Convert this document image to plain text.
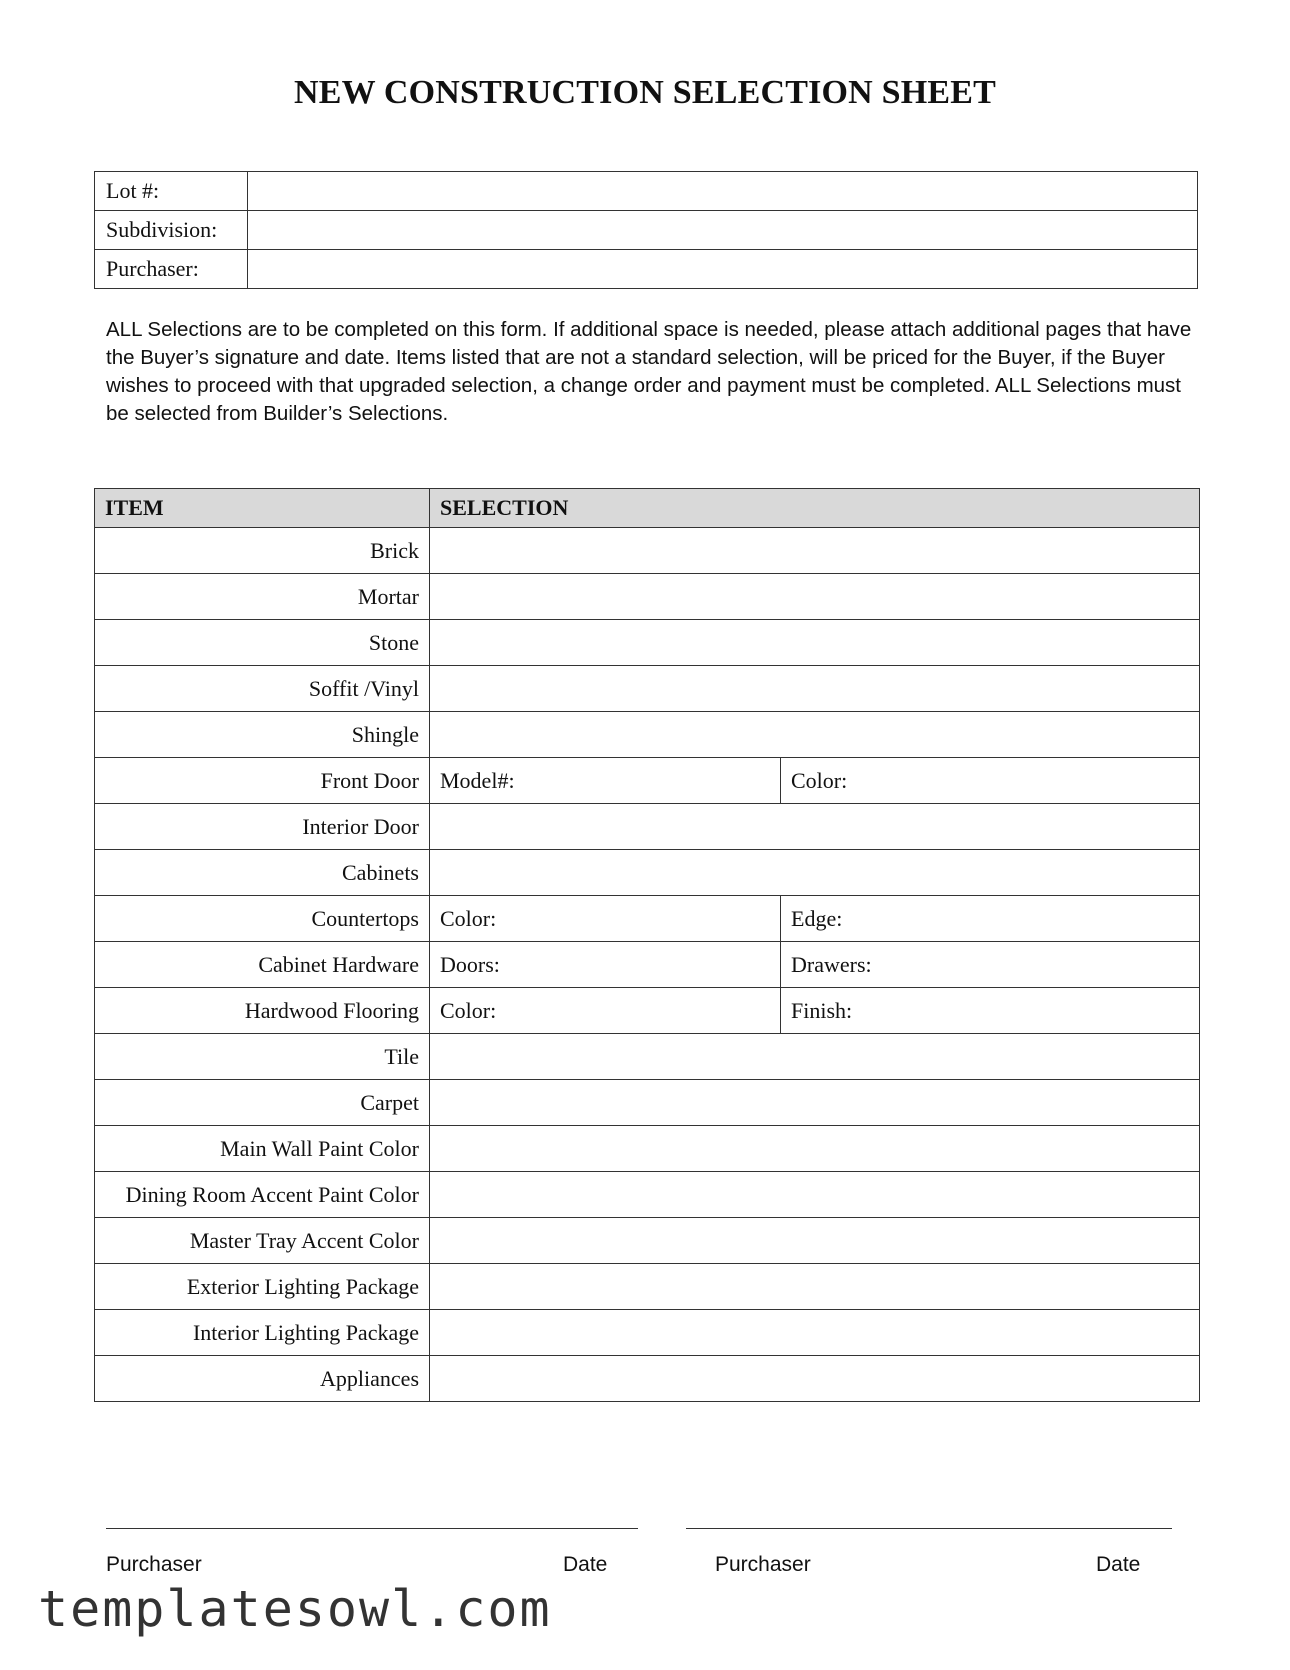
NEW CONSTRUCTION SELECTION SHEET
Lot #:	
Subdivision:	
Purchaser:	
ALL Selections are to be completed on this form. If additional space is needed, please attach additional pages that have the Buyer’s signature and date. Items listed that are not a standard selection, will be priced for the Buyer, if the Buyer wishes to proceed with that upgraded selection, a change order and payment must be completed. ALL Selections must be selected from Builder’s Selections.
ITEM	SELECTION	
Brick		
Mortar		
Stone		
Soffit /Vinyl		
Shingle		
Front Door	Model#:	Color:
Interior Door		
Cabinets		
Countertops	Color:	Edge:
Cabinet Hardware	Doors:	Drawers:
Hardwood Flooring	Color:	Finish:
Tile		
Carpet		
Main Wall Paint Color		
Dining Room Accent Paint Color		
Master Tray Accent Color		
Exterior Lighting Package		
Interior Lighting Package		
Appliances		
Purchaser	Date	Purchaser	Date
templatesowl.com
